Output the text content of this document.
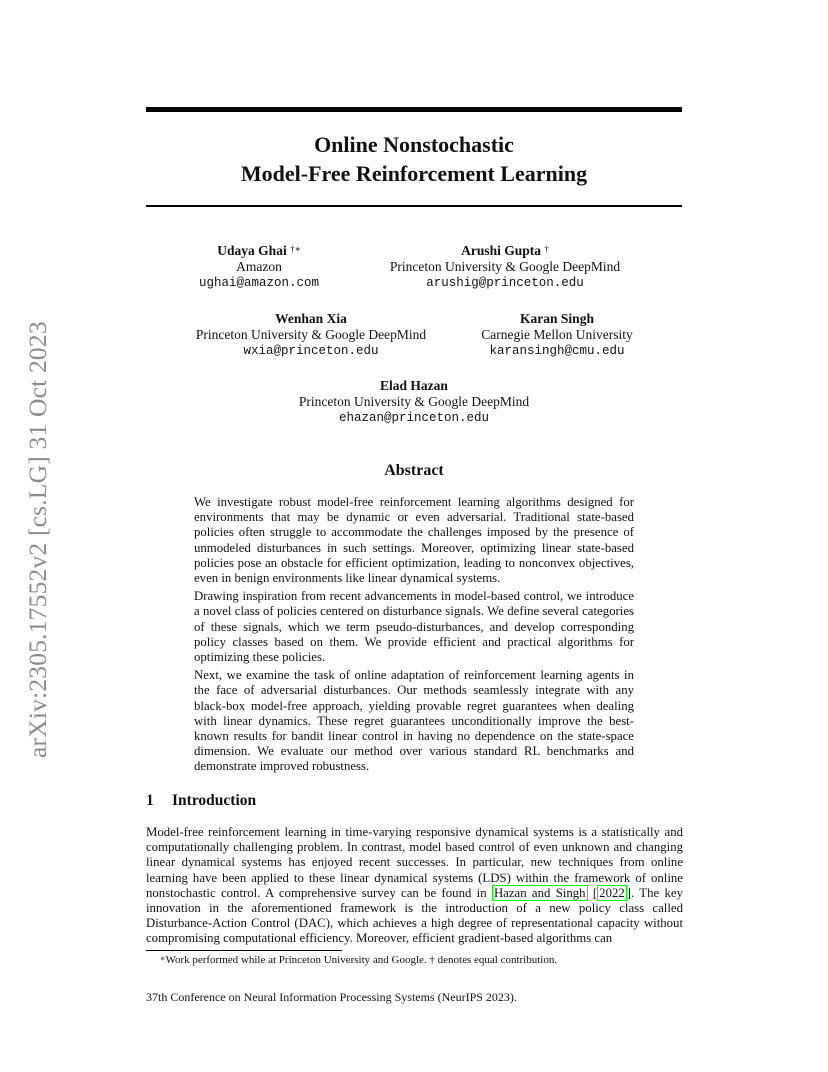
arXiv:2305.17552v2 [cs.LG] 31 Oct 2023
Online Nonstochastic
Model-Free Reinforcement Learning
Udaya Ghai †∗
Amazon
ughai@amazon.com
Arushi Gupta †
Princeton University & Google DeepMind
arushig@princeton.edu
Wenhan Xia
Princeton University & Google DeepMind
wxia@princeton.edu
Karan Singh
Carnegie Mellon University
karansingh@cmu.edu
Elad Hazan
Princeton University & Google DeepMind
ehazan@princeton.edu
Abstract

We investigate robust model-free reinforcement learning algorithms designed for environments that may be dynamic or even adversarial. Traditional state-based policies often struggle to accommodate the challenges imposed by the presence of unmodeled disturbances in such settings. Moreover, optimizing linear state-based policies pose an obstacle for efficient optimization, leading to nonconvex objectives, even in benign environments like linear dynamical systems.

Drawing inspiration from recent advancements in model-based control, we introduce a novel class of policies centered on disturbance signals. We define several categories of these signals, which we term pseudo-disturbances, and develop corresponding policy classes based on them. We provide efficient and practical algorithms for optimizing these policies.

Next, we examine the task of online adaptation of reinforcement learning agents in the face of adversarial disturbances. Our methods seamlessly integrate with any black-box model-free approach, yielding provable regret guarantees when dealing with linear dynamics. These regret guarantees unconditionally improve the best-known results for bandit linear control in having no dependence on the state-space dimension. We evaluate our method over various standard RL benchmarks and demonstrate improved robustness.

1 Introduction

Model-free reinforcement learning in time-varying responsive dynamical systems is a statistically and computationally challenging problem. In contrast, model based control of even unknown and changing linear dynamical systems has enjoyed recent successes. In particular, new techniques from online learning have been applied to these linear dynamical systems (LDS) within the framework of online nonstochastic control. A comprehensive survey can be found in Hazan and Singh [ 2022 ]. The key innovation in the aforementioned framework is the introduction of a new policy class called Disturbance-Action Control (DAC), which achieves a high degree of representational capacity without compromising computational efficiency. Moreover, efficient gradient-based algorithms can

∗Work performed while at Princeton University and Google. † denotes equal contribution.
37th Conference on Neural Information Processing Systems (NeurIPS 2023).
